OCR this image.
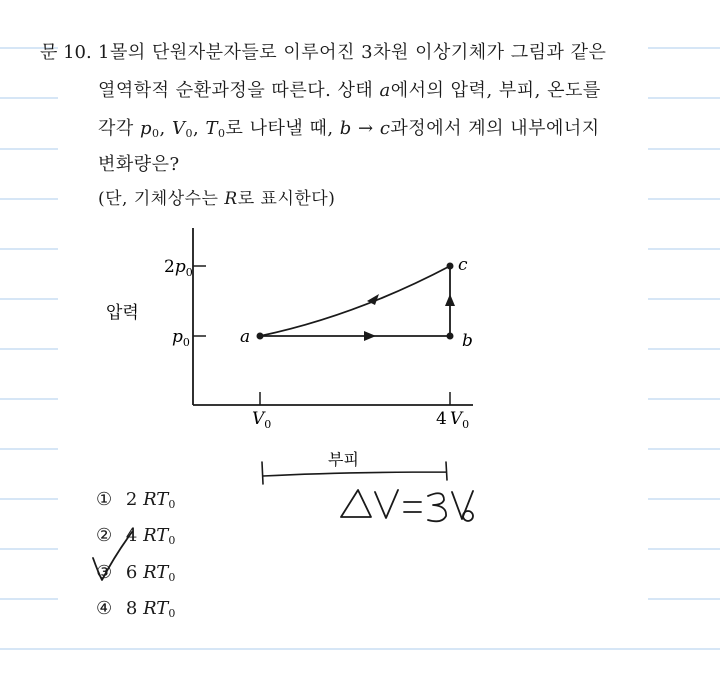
문 10. 1몰의 단원자분자들로 이루어진 3차원 이상기체가 그림과 같은
열역학적 순환과정을 따른다. 상태 a에서의 압력, 부피, 온도를
각각 $p_0$, $V_0$, $T_0$로 나타낼 때, b → c과정에서 계의 내부에너지
변화량은?
(단, 기체상수는 R로 표시한다)
$2p_0$
$p_0$
$V_0$	4 $V_0$
압력
부피
a	b
c
① 2 $RT_0$
② 4 $RT_0$
③ 6 $RT_0$
④ 8 $RT_0$
